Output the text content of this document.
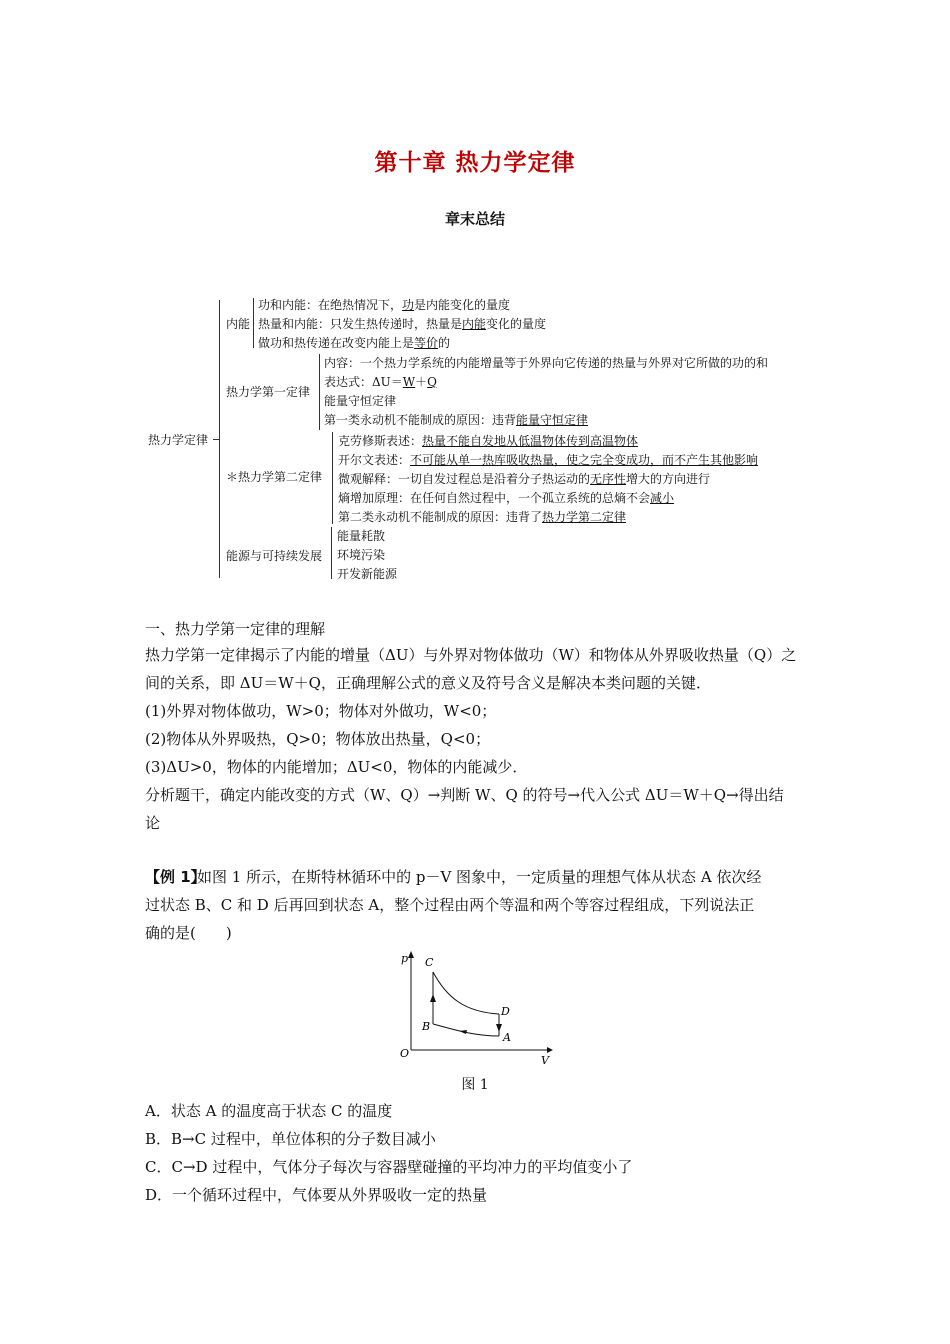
第十章 热力学定律
章末总结
热力学定律
内能
热力学第一定律
＊热力学第二定律
能源与可持续发展
功和内能：在绝热情况下，功是内能变化的量度
热量和内能：只发生热传递时，热量是内能变化的量度
做功和热传递在改变内能上是等价的
内容：一个热力学系统的内能增量等于外界向它传递的热量与外界对它所做的功的和
表达式：ΔU＝W＋Q
能量守恒定律
第一类永动机不能制成的原因：违背能量守恒定律
克劳修斯表述：热量不能自发地从低温物体传到高温物体
开尔文表述：不可能从单一热库吸收热量，使之完全变成功，而不产生其他影响
微观解释：一切自发过程总是沿着分子热运动的无序性增大的方向进行
熵增加原理：在任何自然过程中，一个孤立系统的总熵不会减小
第二类永动机不能制成的原因：违背了热力学第二定律
能量耗散
环境污染
开发新能源
一、热力学第一定律的理解
热力学第一定律揭示了内能的增量（ΔU）与外界对物体做功（W）和物体从外界吸收热量（Q）之
间的关系，即 ΔU＝W＋Q，正确理解公式的意义及符号含义是解决本类问题的关键．
(1)外界对物体做功，W>0；物体对外做功，W<0；
(2)物体从外界吸热，Q>0；物体放出热量，Q<0；
(3)ΔU>0，物体的内能增加；ΔU<0，物体的内能减少．
分析题干，确定内能改变的方式（W、Q）→判断 W、Q 的符号→代入公式 ΔU＝W＋Q→得出结
论
【例 1】
如图 1 所示，在斯特林循环中的 p－V 图象中，一定质量的理想气体从状态 A 依次经
过状态 B、C 和 D 后再回到状态 A，整个过程由两个等温和两个等容过程组成，下列说法正
确的是(　　)
p
V
O
C
D
B
A
图 1
A．状态 A 的温度高于状态 C 的温度
B．B→C 过程中，单位体积的分子数目减小
C．C→D 过程中，气体分子每次与容器壁碰撞的平均冲力的平均值变小了
D．一个循环过程中，气体要从外界吸收一定的热量
